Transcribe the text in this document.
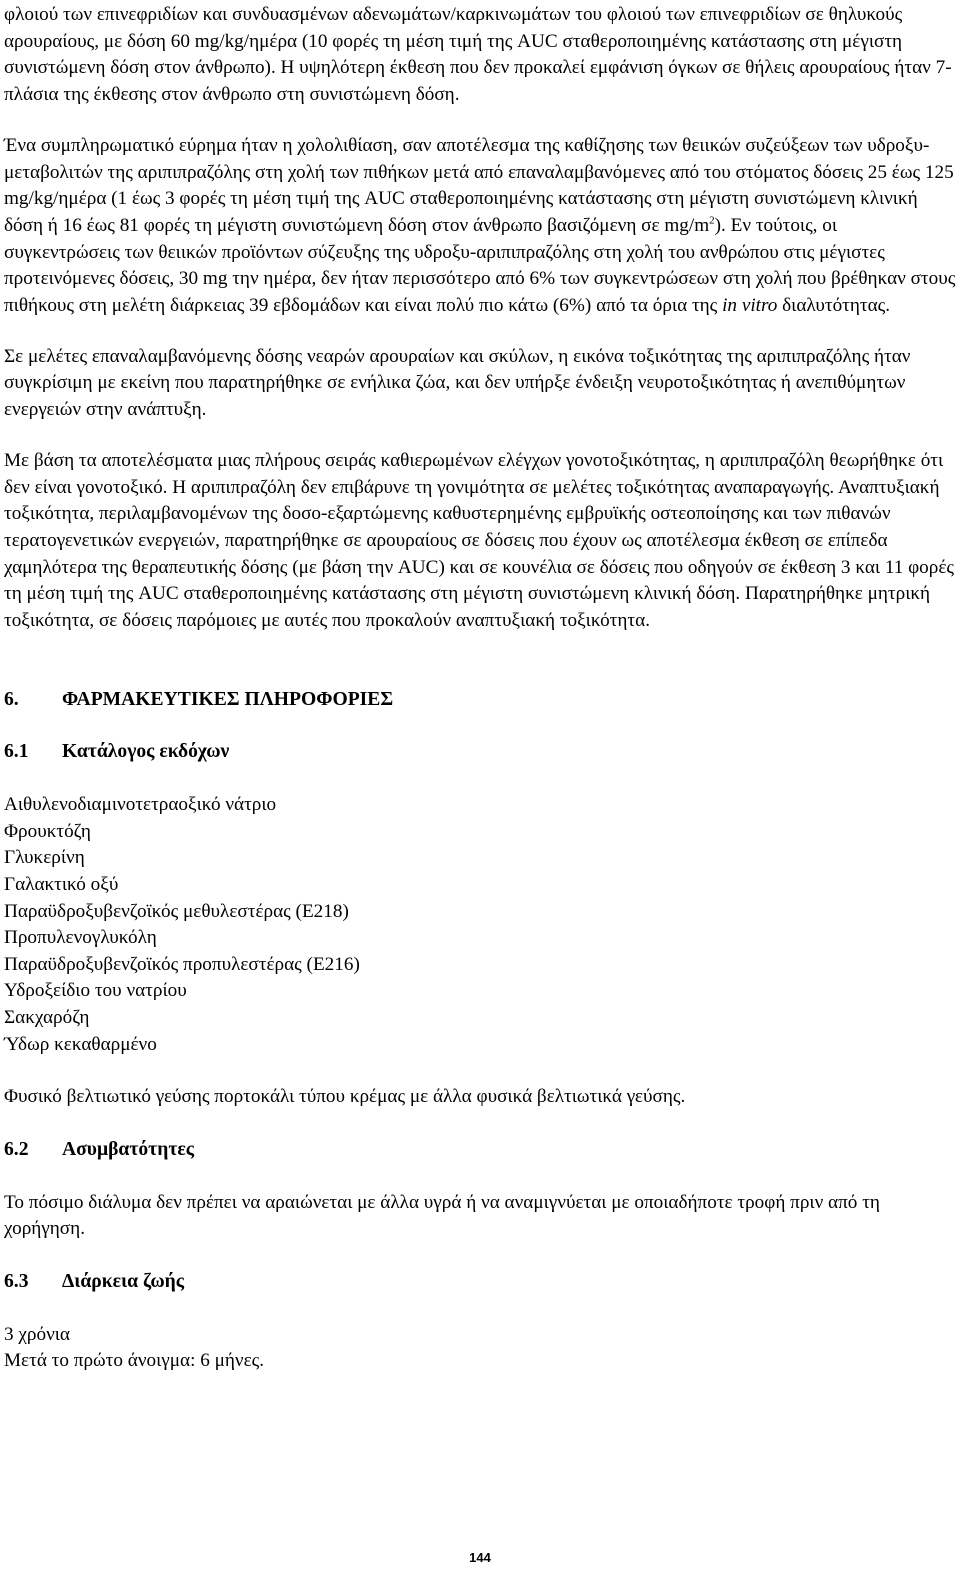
φλοιού των επινεφριδίων και συνδυασμένων αδενωμάτων/καρκινωμάτων του φλοιού των επινεφριδίων σε θηλυκούς αρουραίους, με δόση 60 mg/kg/ημέρα (10 φορές τη μέση τιμή της AUC σταθεροποιημένης κατάστασης στη μέγιστη συνιστώμενη δόση στον άνθρωπο). Η υψηλότερη έκθεση που δεν προκαλεί εμφάνιση όγκων σε θήλεις αρουραίους ήταν 7-πλάσια της έκθεσης στον άνθρωπο στη συνιστώμενη δόση.

Ένα συμπληρωματικό εύρημα ήταν η χολολιθίαση, σαν αποτέλεσμα της καθίζησης των θειικών συζεύξεων των υδροξυ-μεταβολιτών της αριπιπραζόλης στη χολή των πιθήκων μετά από επαναλαμβανόμενες από του στόματος δόσεις 25 έως 125 mg/kg/ημέρα (1 έως 3 φορές τη μέση τιμή της AUC σταθεροποιημένης κατάστασης στη μέγιστη συνιστώμενη κλινική δόση ή 16 έως 81 φορές τη μέγιστη συνιστώμενη δόση στον άνθρωπο βασιζόμενη σε $mg/m^2$). Εν τούτοις, οι συγκεντρώσεις των θειικών προϊόντων σύζευξης της υδροξυ-αριπιπραζόλης στη χολή του ανθρώπου στις μέγιστες προτεινόμενες δόσεις, 30 mg την ημέρα, δεν ήταν περισσότερο από 6% των συγκεντρώσεων στη χολή που βρέθηκαν στους πιθήκους στη μελέτη διάρκειας 39 εβδομάδων και είναι πολύ πιο κάτω (6%) από τα όρια της in vitro διαλυτότητας.

Σε μελέτες επαναλαμβανόμενης δόσης νεαρών αρουραίων και σκύλων, η εικόνα τοξικότητας της αριπιπραζόλης ήταν συγκρίσιμη με εκείνη που παρατηρήθηκε σε ενήλικα ζώα, και δεν υπήρξε ένδειξη νευροτοξικότητας ή ανεπιθύμητων ενεργειών στην ανάπτυξη.

Με βάση τα αποτελέσματα μιας πλήρους σειράς καθιερωμένων ελέγχων γονοτοξικότητας, η αριπιπραζόλη θεωρήθηκε ότι δεν είναι γονοτοξικό. Η αριπιπραζόλη δεν επιβάρυνε τη γονιμότητα σε μελέτες τοξικότητας αναπαραγωγής. Αναπτυξιακή τοξικότητα, περιλαμβανομένων της δοσο-εξαρτώμενης καθυστερημένης εμβρυϊκής οστεοποίησης και των πιθανών τερατογενετικών ενεργειών, παρατηρήθηκε σε αρουραίους σε δόσεις που έχουν ως αποτέλεσμα έκθεση σε επίπεδα χαμηλότερα της θεραπευτικής δόσης (με βάση την AUC) και σε κουνέλια σε δόσεις που οδηγούν σε έκθεση 3 και 11 φορές τη μέση τιμή της AUC σταθεροποιημένης κατάστασης στη μέγιστη συνιστώμενη κλινική δόση. Παρατηρήθηκε μητρική τοξικότητα, σε δόσεις παρόμοιες με αυτές που προκαλούν αναπτυξιακή τοξικότητα.

6.	ΦΑΡΜΑΚΕΥΤΙΚΕΣ ΠΛΗΡΟΦΟΡΙΕΣ
6.1	Κατάλογος εκδόχων

Αιθυλενοδιαμινοτετραοξικό νάτριο

Φρουκτόζη

Γλυκερίνη

Γαλακτικό οξύ

Παραϋδροξυβενζοϊκός μεθυλεστέρας (E218)

Προπυλενογλυκόλη

Παραϋδροξυβενζοϊκός προπυλεστέρας (E216)

Υδροξείδιο του νατρίου

Σακχαρόζη

Ύδωρ κεκαθαρμένο

Φυσικό βελτιωτικό γεύσης πορτοκάλι τύπου κρέμας με άλλα φυσικά βελτιωτικά γεύσης.

6.2	Ασυμβατότητες

Το πόσιμο διάλυμα δεν πρέπει να αραιώνεται με άλλα υγρά ή να αναμιγνύεται με οποιαδήποτε τροφή πριν από τη χορήγηση.

6.3	Διάρκεια ζωής

3 χρόνια

Μετά το πρώτο άνοιγμα: 6 μήνες.

144
